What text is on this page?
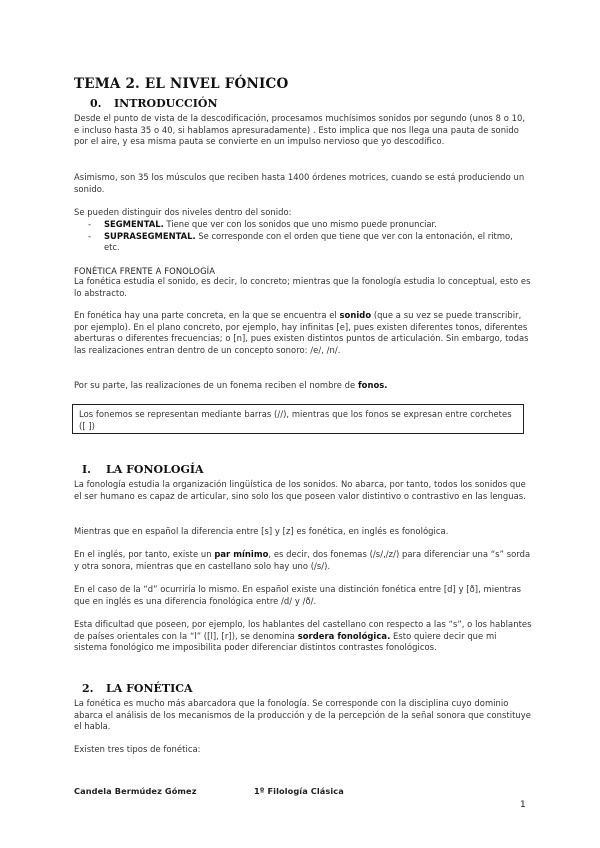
TEMA 2. EL NIVEL FÓNICO
0. INTRODUCCIÓN

Desde el punto de vista de la descodificación, procesamos muchísimos sonidos por segundo (unos 8 o 10, e incluso hasta 35 o 40, si hablamos apresuradamente) . Esto implica que nos llega una pauta de sonido por el aire, y esa misma pauta se convierte en un impulso nervioso que yo descodifico.

Asimismo, son 35 los músculos que reciben hasta 1400 órdenes motrices, cuando se está produciendo un sonido.

Se pueden distinguir dos niveles dentro del sonido:

- SEGMENTAL. Tiene que ver con los sonidos que uno mismo puede pronunciar.
- SUPRASEGMENTAL. Se corresponde con el orden que tiene que ver con la entonación, el ritmo, etc.

FONÉTICA FRENTE A FONOLOGÍA

La fonética estudia el sonido, es decir, lo concreto; mientras que la fonología estudia lo conceptual, esto es lo abstracto.

En fonética hay una parte concreta, en la que se encuentra el sonido (que a su vez se puede transcribir, por ejemplo). En el plano concreto, por ejemplo, hay infinitas [e], pues existen diferentes tonos, diferentes aberturas o diferentes frecuencias; o [n], pues existen distintos puntos de articulación. Sin embargo, todas las realizaciones entran dentro de un concepto sonoro: /e/, /n/.

Por su parte, las realizaciones de un fonema reciben el nombre de fonos.

Los fonemos se representan mediante barras (//), mientras que los fonos se expresan entre corchetes ([ ])

I. LA FONOLOGÍA

La fonología estudia la organización lingüística de los sonidos. No abarca, por tanto, todos los sonidos que el ser humano es capaz de articular, sino solo los que poseen valor distintivo o contrastivo en las lenguas.

Mientras que en español la diferencia entre [s] y [z] es fonética, en inglés es fonológica.

En el inglés, por tanto, existe un par mínimo, es decir, dos fonemas (/s/,/z/) para diferenciar una “s” sorda y otra sonora, mientras que en castellano solo hay uno (/s/).

En el caso de la “d” ocurriría lo mismo. En español existe una distinción fonética entre [d] y [ð], mientras que en inglés es una diferencia fonológica entre /d/ y /ð/.

Esta dificultad que poseen, por ejemplo, los hablantes del castellano con respecto a las “s”, o los hablantes de países orientales con la “l” ([l], [r]), se denomina sordera fonológica. Esto quiere decir que mi sistema fonológico me imposibilita poder diferenciar distintos contrastes fonológicos.

2. LA FONÉTICA

La fonética es mucho más abarcadora que la fonología. Se corresponde con la disciplina cuyo dominio abarca el análisis de los mecanismos de la producción y de la percepción de la señal sonora que constituye el habla.

Existen tres tipos de fonética:

Candela Bermúdez Gómez	1º Filología Clásica
1
